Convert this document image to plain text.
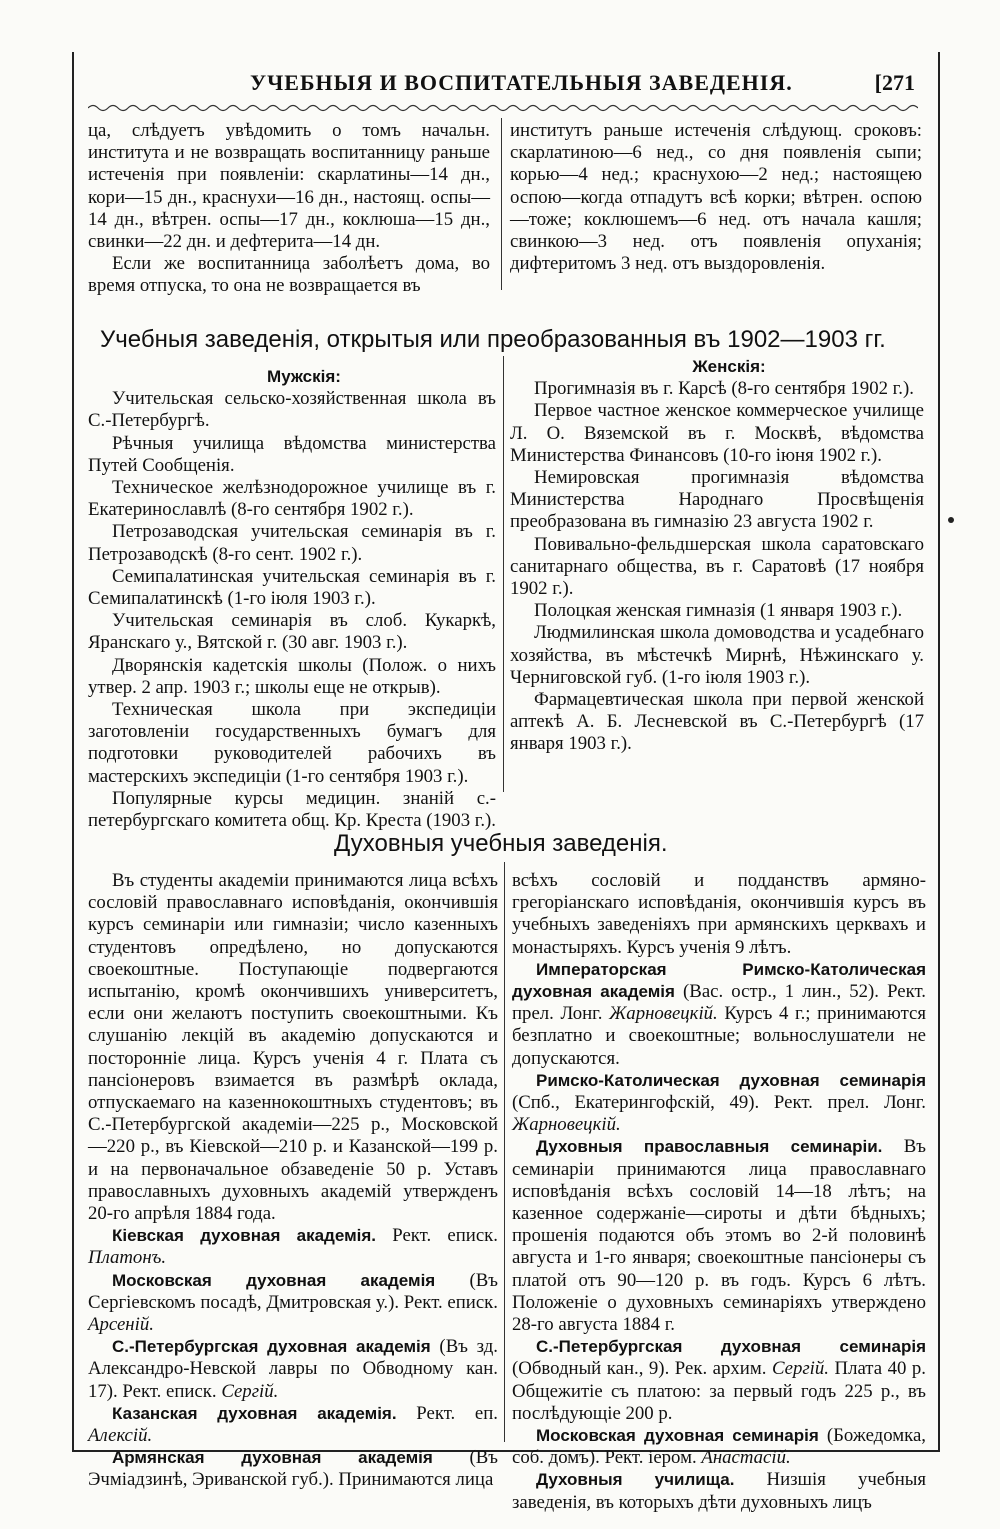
УЧЕБНЫЯ И ВОСПИТАТЕЛЬНЫЯ ЗАВЕДЕНІЯ.	[271

ца, слѣдуетъ увѣдомить о томъ начальн. института и не возвращать воспитанницу раньше истеченія при появленіи: скарлатины—14 дн., кори—15 дн., краснухи—16 дн., настоящ. оспы—14 дн., вѣтрен. оспы—17 дн., коклюша—15 дн., свинки—22 дн. и дефтерита—14 дн.

Если же воспитанница заболѣетъ дома, во время отпуска, то она не возвращается въ

институтъ раньше истеченія слѣдующ. сроковъ: скарлатиною—6 нед., со дня появленія сыпи; корью—4 нед.; краснухою—2 нед.; настоящею оспою—когда отпадутъ всѣ корки; вѣтрен. оспою—тоже; коклюшемъ—6 нед. отъ начала кашля; свинкою—3 нед. отъ появленія опуханія; дифтеритомъ 3 нед. отъ выздоровленія.

Учебныя заведенія, открытыя или преобразованныя въ 1902—1903 гг.

Мужскія:

Учительская сельско-хозяйственная школа въ С.-Петербургѣ.

Рѣчныя училища вѣдомства министерства Путей Сообщенія.

Техническое желѣзнодорожное училище въ г. Екатеринославлѣ (8-го сентября 1902 г.).

Петрозаводская учительская семинарія въ г. Петрозаводскѣ (8-го сент. 1902 г.).

Семипалатинская учительская семинарія въ г. Семипалатинскѣ (1-го іюля 1903 г.).

Учительская семинарія въ слоб. Кукаркѣ, Яранскаго у., Вятской г. (30 авг. 1903 г.).

Дворянскія кадетскія школы (Полож. о нихъ утвер. 2 апр. 1903 г.; школы еще не открыв).

Техническая школа при экспедиціи заготовленіи государственныхъ бумагъ для подготовки руководителей рабочихъ въ мастерскихъ экспедиціи (1-го сентября 1903 г.).

Популярные курсы медицин. знаній с.-петербургскаго комитета общ. Кр. Креста (1903 г.).

Женскія:

Прогимназія въ г. Карсѣ (8-го сентября 1902 г.).

Первое частное женское коммерческое училище Л. О. Вяземской въ г. Москвѣ, вѣдомства Министерства Финансовъ (10-го іюня 1902 г.).

Немировская прогимназія вѣдомства Министерства Народнаго Просвѣщенія преобразована въ гимназію 23 августа 1902 г.

Повивально-фельдшерская школа саратовскаго санитарнаго общества, въ г. Саратовѣ (17 ноября 1902 г.).

Полоцкая женская гимназія (1 января 1903 г.).

Людмилинская школа домоводства и усадебнаго хозяйства, въ мѣстечкѣ Мирнѣ, Нѣжинскаго у. Черниговской губ. (1-го іюля 1903 г.).

Фармацевтическая школа при первой женской аптекѣ А. Б. Лесневской въ С.-Петербургѣ (17 января 1903 г.).

Духовныя учебныя заведенія.

Въ студенты академіи принимаются лица всѣхъ сословій православнаго исповѣданія, окончившія курсъ семинаріи или гимназіи; число казенныхъ студентовъ опредѣлено, но допускаются своекоштные. Поступающіе подвергаются испытанію, кромѣ окончившихъ университетъ, если они желаютъ поступить своекоштными. Къ слушанію лекцій въ академію допускаются и посторонніе лица. Курсъ ученія 4 г. Плата съ пансіонеровъ взимается въ размѣрѣ оклада, отпускаемаго на казеннокоштныхъ студентовъ; въ С.-Петербургской академіи—225 р., Московской —220 р., въ Кіевской—210 р. и Казанской—199 р. и на первоначальное обзаведеніе 50 р. Уставъ православныхъ духовныхъ академій утвержденъ 20-го апрѣля 1884 года.

Кіевская духовная академія. Рект. еписк. Платонъ.

Московская духовная академія (Въ Сергіевскомъ посадѣ, Дмитровская у.). Рект. еписк. Арсеній.

С.-Петербургская духовная академія (Въ зд. Александро-Невской лавры по Обводному кан. 17). Рект. еписк. Сергій.

Казанская духовная академія. Рект. еп. Алексій.

Армянская духовная академія (Въ Эчміадзинѣ, Эриванской губ.). Принимаются лица

всѣхъ сословій и подданствъ армяно-грегоріанскаго исповѣданія, окончившія курсъ въ учебныхъ заведеніяхъ при армянскихъ церквахъ и монастыряхъ. Курсъ ученія 9 лѣтъ.

Императорская Римско-Католическая духовная академія (Вас. остр., 1 лин., 52). Рект. прел. Лонг. Жарновецкій. Курсъ 4 г.; принимаются безплатно и своекоштные; вольнослушатели не допускаются.

Римско-Католическая духовная семинарія (Спб., Екатерингофскій, 49). Рект. прел. Лонг. Жарновецкій.

Духовныя православныя семинаріи. Въ семинаріи принимаются лица православнаго исповѣданія всѣхъ сословій 14—18 лѣтъ; на казенное содержаніе—сироты и дѣти бѣдныхъ; прошенія подаются объ этомъ во 2-й половинѣ августа и 1-го января; своекоштные пансіонеры съ платой отъ 90—120 р. въ годъ. Курсъ 6 лѣтъ. Положеніе о духовныхъ семинаріяхъ утверждено 28-го августа 1884 г.

С.-Петербургская духовная семинарія (Обводный кан., 9). Рек. архим. Сергій. Плата 40 р. Общежитіе съ платою: за первый годъ 225 р., въ послѣдующіе 200 р.

Московская духовная семинарія (Божедомка, соб. домъ). Рект. іером. Анастасій.

Духовныя училища. Низшія учебныя заведенія, въ которыхъ дѣти духовныхъ лицъ
